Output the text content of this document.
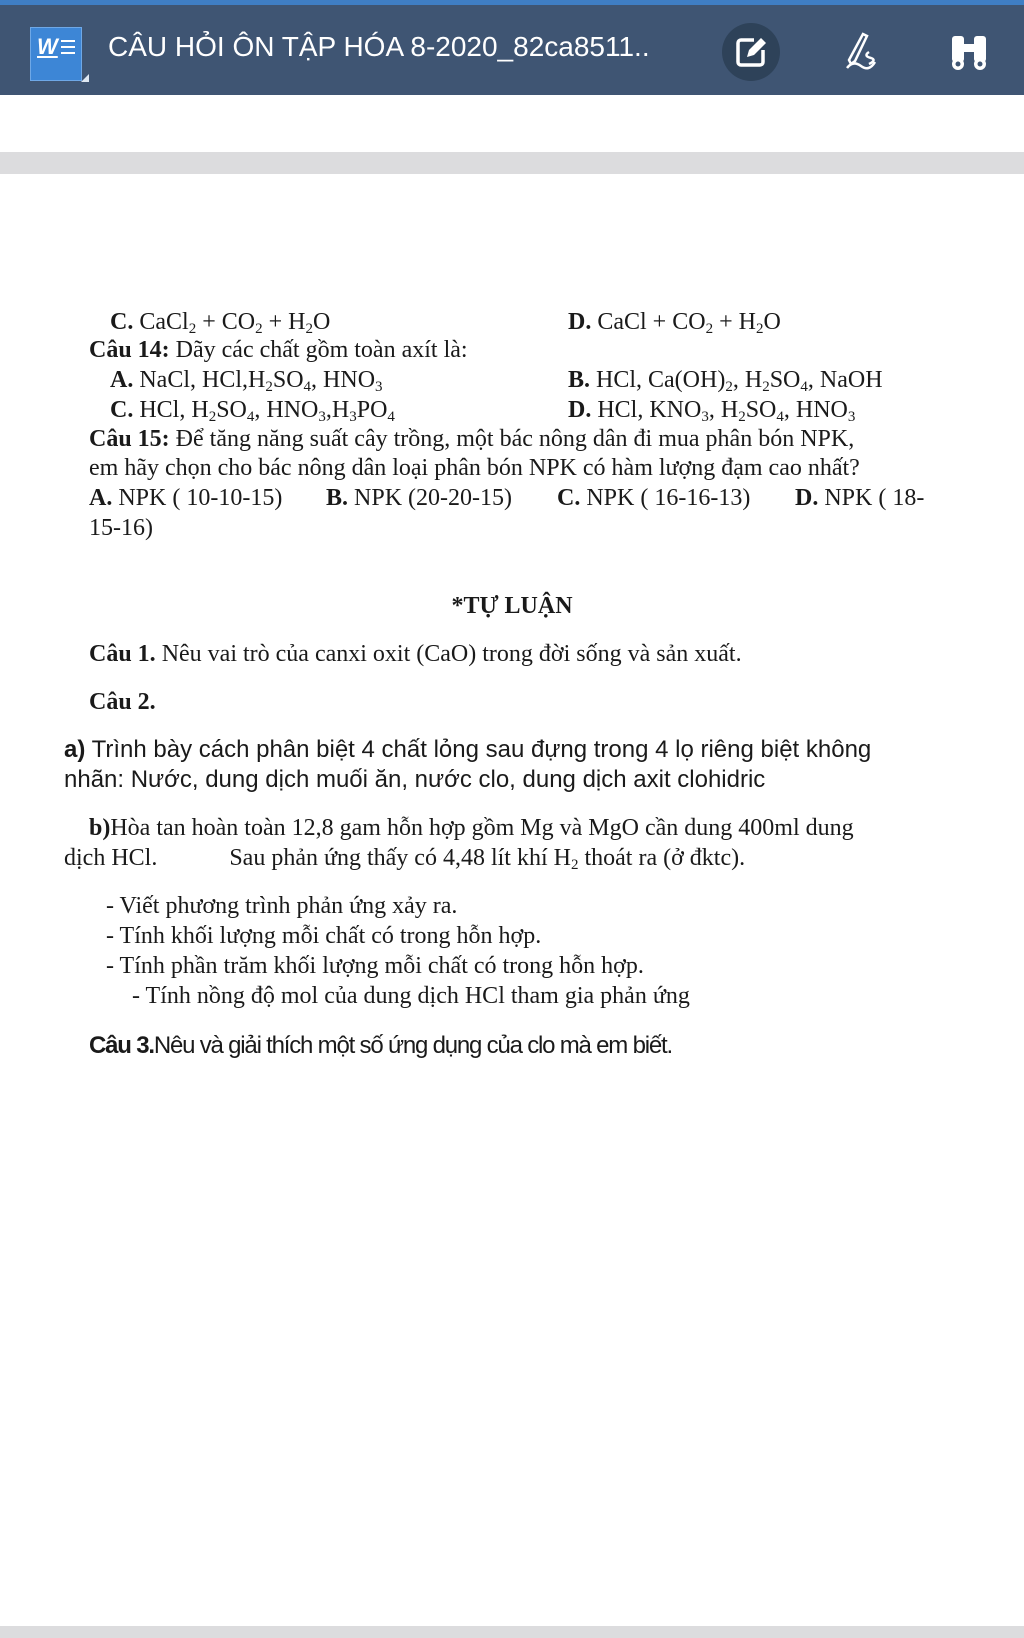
W CÂU HỎI ÔN TẬP HÓA 8-2020_82ca8511..
C. CaCl$_2$ + $CO_2 + H_2O$	D. CaCl + $CO_2 + H_2O$
Câu 14: Dãy các chất gồm toàn axít là:
A. NaCl, $HCl,H_2SO_4$, $HNO_3$	B. HCl, $Ca(OH)_2$, $H_2SO_4$, NaOH
C. HCl, $H_2SO_4$, $HNO_3,H_3PO_4$	D. HCl, $KNO_3$, $H_2SO_4$, $HNO_3$
Câu 15: Để tăng năng suất cây trồng, một bác nông dân đi mua phân bón NPK,
em hãy chọn cho bác nông dân loại phân bón NPK có hàm lượng đạm cao nhất?
A. NPK ( 10-10-15) B. NPK (20-20-15) C. NPK ( 16-16-13) D. NPK ( 18-
15-16)
*TỰ LUẬN
Câu 1. Nêu vai trò của canxi oxit (CaO) trong đời sống và sản xuất.
Câu 2.
a) Trình bày cách phân biệt 4 chất lỏng sau đựng trong 4 lọ riêng biệt không
nhãn: Nước, dung dịch muối ăn, nước clo, dung dịch axit clohidric
b)Hòa tan hoàn toàn 12,8 gam hỗn hợp gồm Mg và MgO cần dung 400ml dung
dịch HCl.	Sau phản ứng thấy có 4,48 lít khí $H_2$ thoát ra (ở đktc).
- Viết phương trình phản ứng xảy ra.
- Tính khối lượng mỗi chất có trong hỗn hợp.
- Tính phần trăm khối lượng mỗi chất có trong hỗn hợp.
- Tính nồng độ mol của dung dịch HCl tham gia phản ứng
Câu 3.Nêu và giải thích một số ứng dụng của clo mà em biết.
